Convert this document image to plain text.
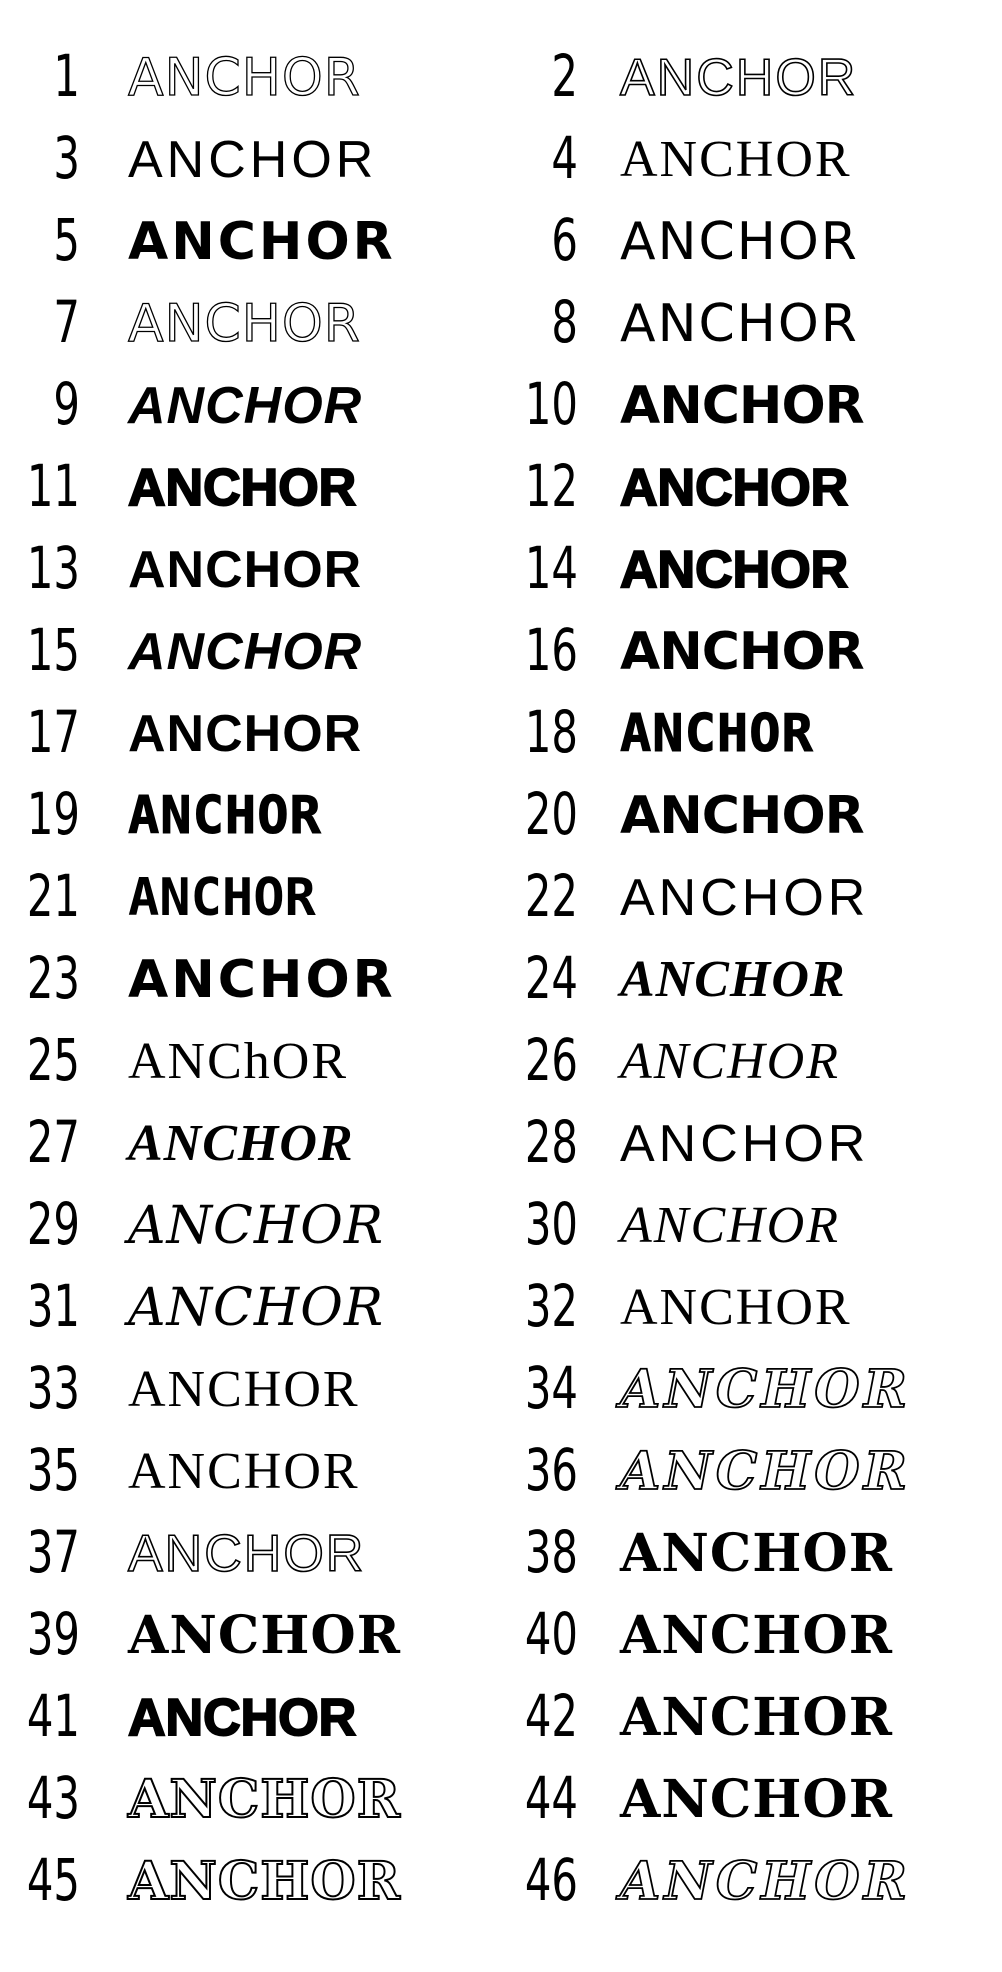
1 ANCHOR	2 ANCHOR
3 ANCHOR	4 ANCHOR
5 ANCHOR	6 ANCHOR
7 ANCHOR	8 ANCHOR
9 ANCHOR	10 ANCHOR
11 ANCHOR	12 ANCHOR
13 ANCHOR	14 ANCHOR
15 ANCHOR	16 ANCHOR
17 ANCHOR	18 ANCHOR
19 ANCHOR	20 ANCHOR
21 ANCHOR	22 ANCHOR
23 ANCHOR	24 ANCHOR
25 ANChOR	26 ANCHOR
27 ANCHOR	28 ANCHOR
29 ANCHOR	30 ANCHOR
31 ANCHOR	32 ANCHOR
33 ANCHOR	34 ANCHOR
35 ANCHOR	36 ANCHOR
37 ANCHOR	38 ANCHOR
39 ANCHOR	40 ANCHOR
41 ANCHOR	42 ANCHOR
43 ANCHOR	44 ANCHOR
45 ANCHOR	46 ANCHOR
